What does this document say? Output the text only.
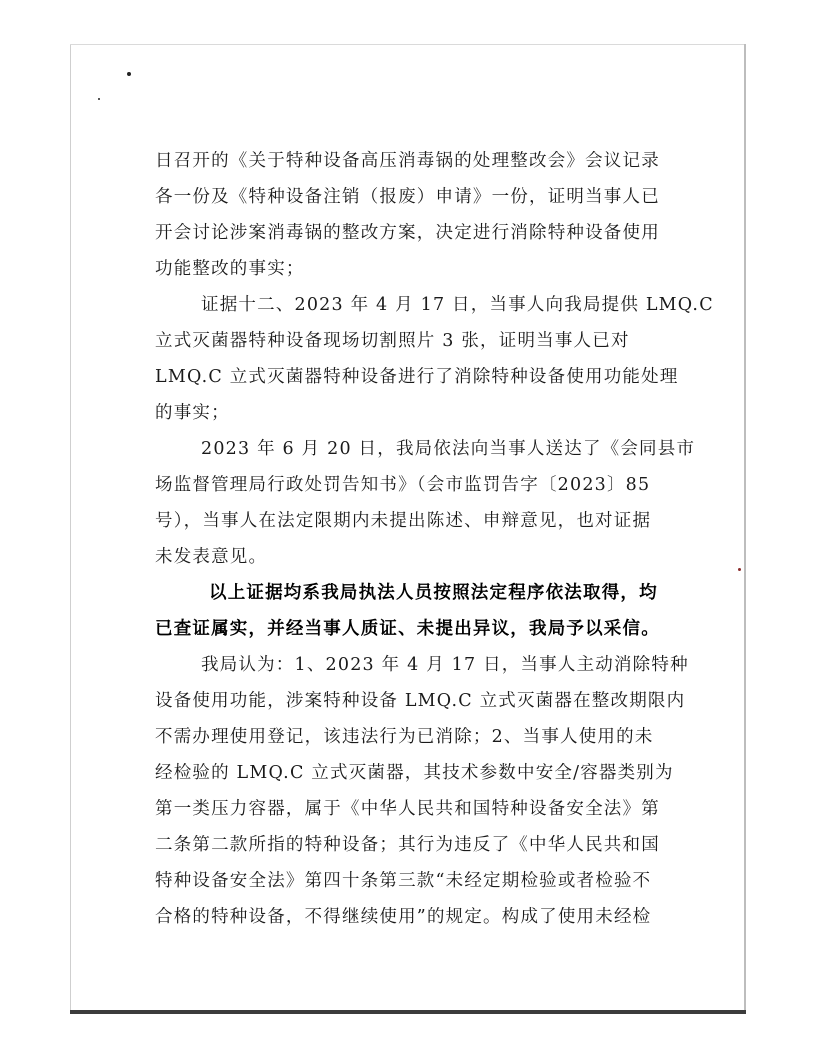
日召开的《关于特种设备高压消毒锅的处理整改会》会议记录
各一份及《特种设备注销（报废）申请》一份，证明当事人已
开会讨论涉案消毒锅的整改方案，决定进行消除特种设备使用
功能整改的事实；
证据十二、2023 年 4 月 17 日，当事人向我局提供 LMQ.C
立式灭菌器特种设备现场切割照片 3 张，证明当事人已对
LMQ.C 立式灭菌器特种设备进行了消除特种设备使用功能处理
的事实；
2023 年 6 月 20 日，我局依法向当事人送达了《会同县市
场监督管理局行政处罚告知书》（会市监罚告字〔2023〕85
号），当事人在法定限期内未提出陈述、申辩意见，也对证据
未发表意见。
以上证据均系我局执法人员按照法定程序依法取得，均
已查证属实，并经当事人质证、未提出异议，我局予以采信。
我局认为：1、2023 年 4 月 17 日，当事人主动消除特种
设备使用功能，涉案特种设备 LMQ.C 立式灭菌器在整改期限内
不需办理使用登记，该违法行为已消除；2、当事人使用的未
经检验的 LMQ.C 立式灭菌器，其技术参数中安全/容器类别为
第一类压力容器，属于《中华人民共和国特种设备安全法》第
二条第二款所指的特种设备；其行为违反了《中华人民共和国
特种设备安全法》第四十条第三款“未经定期检验或者检验不
合格的特种设备，不得继续使用”的规定。构成了使用未经检
